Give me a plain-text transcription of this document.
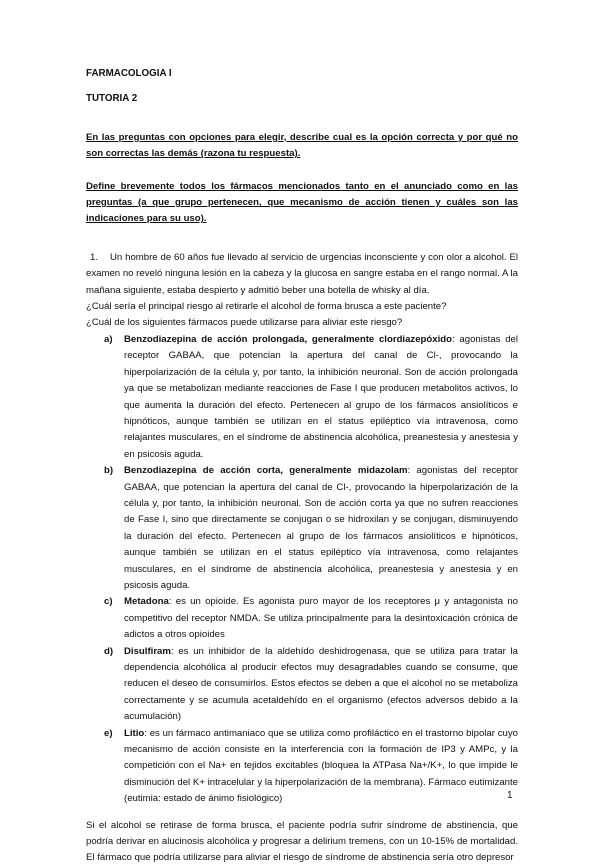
FARMACOLOGIA I
TUTORIA 2

En las preguntas con opciones para elegir, describe cual es la opción correcta y por qué no son correctas las demás (razona tu respuesta).

Define brevemente todos los fármacos mencionados tanto en el anunciado como en las preguntas (a que grupo pertenecen, que mecanismo de acción tienen y cuáles son las indicaciones para su uso).

1. Un hombre de 60 años fue llevado al servicio de urgencias inconsciente y con olor a alcohol. El examen no reveló ninguna lesión en la cabeza y la glucosa en sangre estaba en el rango normal. A la mañana siguiente, estaba despierto y admitió beber una botella de whisky al día.

¿Cuál sería el principal riesgo al retirarle el alcohol de forma brusca a este paciente?

¿Cuál de los siguientes fármacos puede utilizarse para aliviar este riesgo?

a) Benzodiazepina de acción prolongada, generalmente clordiazepóxido: agonistas del receptor GABAA, que potencian la apertura del canal de Cl-, provocando la hiperpolarización de la célula y, por tanto, la inhibición neuronal. Son de acción prolongada ya que se metabolizan mediante reacciones de Fase I que producen metabolitos activos, lo que aumenta la duración del efecto. Pertenecen al grupo de los fármacos ansiolíticos e hipnóticos, aunque también se utilizan en el status epiléptico vía intravenosa, como relajantes musculares, en el síndrome de abstinencia alcohólica, preanestesia y anestesia y en psicosis aguda.
b) Benzodiazepina de acción corta, generalmente midazolam: agonistas del receptor GABAA, que potencian la apertura del canal de Cl-, provocando la hiperpolarización de la célula y, por tanto, la inhibición neuronal. Son de acción corta ya que no sufren reacciones de Fase I, sino que directamente se conjugan o se hidroxilan y se conjugan, disminuyendo la duración del efecto. Pertenecen al grupo de los fármacos ansiolíticos e hipnóticos, aunque también se utilizan en el status epiléptico vía intravenosa, como relajantes musculares, en el síndrome de abstinencia alcohólica, preanestesia y anestesia y en psicosis aguda.
c) Metadona: es un opioide. Es agonista puro mayor de los receptores μ y antagonista no competitivo del receptor NMDA. Se utiliza principalmente para la desintoxicación crónica de adictos a otros opioides
d) Disulfiram: es un inhibidor de la aldehído deshidrogenasa, que se utiliza para tratar la dependencia alcohólica al producir efectos muy desagradables cuando se consume, que reducen el deseo de consumirlos. Estos efectos se deben a que el alcohol no se metaboliza correctamente y se acumula acetaldehído en el organismo (efectos adversos debido a la acumulación)
e) Litio: es un fármaco antimaniaco que se utiliza como profiláctico en el trastorno bipolar cuyo mecanismo de acción consiste en la interferencia con la formación de IP3 y AMPc, y la competición con el Na+ en tejidos excitables (bloquea la ATPasa Na+/K+, lo que impide le disminución del K+ intracelular y la hiperpolarización de la membrana). Fármaco eutimizante (eutimia: estado de ánimo fisiológico)

Si el alcohol se retirase de forma brusca, el paciente podría sufrir síndrome de abstinencia, que podría derivar en alucinosis alcohólica y progresar a delirium tremens, con un 10-15% de mortalidad. El fármaco que podría utilizarse para aliviar el riesgo de síndrome de abstinencia sería otro depresor

1
